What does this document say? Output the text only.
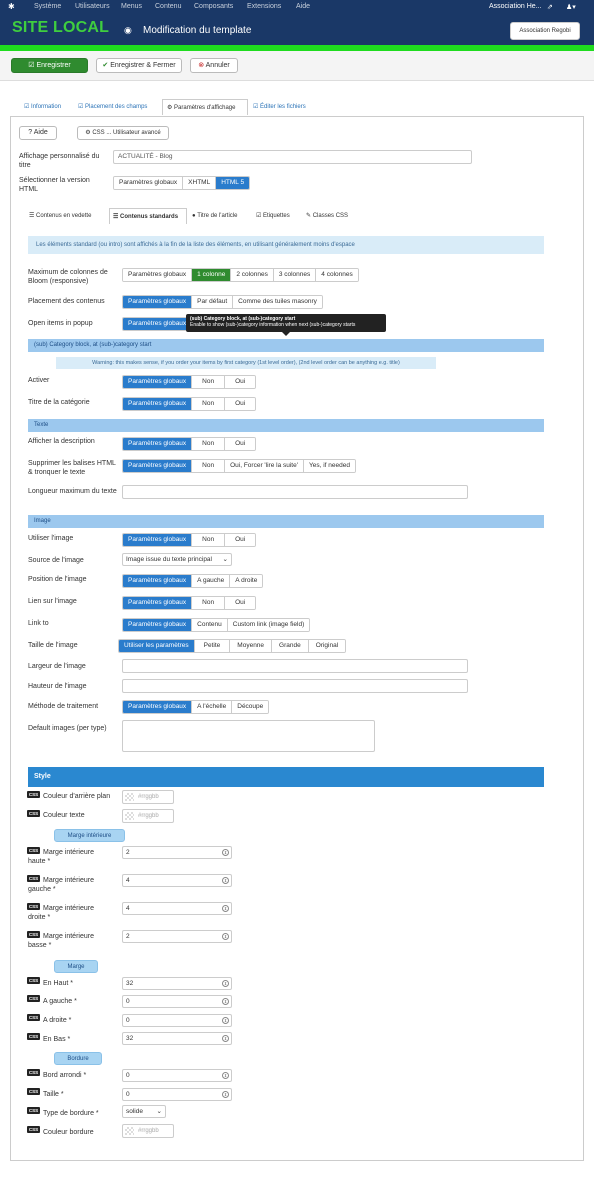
✱	Système Utilisateurs Menus Contenu Composants Extensions Aide	Association He... ⇗ ♟▾
SITE LOCAL ◉ Modification du template	Association Regobi
☑ Enregistrer	✔ Enregistrer & Fermer	⊗ Annuler
☑ Information	☑ Placement des champs	⚙ Paramètres d'affichage	☑ Éditer les fichiers
? Aide	⚙ CSS ... Utilisateur avancé
Affichage personnalisé du titre
ACTUALITÉ - Blog
Sélectionner la version HTML
Paramètres globaux	XHTML	HTML 5
☰ Contenus en vedette	☰ Contenus standards	● Titre de l'article	☑ Etiquettes	✎ Classes CSS
Les éléments standard (ou intro) sont affichés à la fin de la liste des éléments, en utilisant généralement moins d'espace
Maximum de colonnes de Bloom (responsive)
Paramètres globaux	1 colonne	2 colonnes	3 colonnes	4 colonnes
Placement des contenus	Paramètres globaux	Par défaut	Comme des tuiles masonry
Open items in popup	Paramètres globaux
(sub) Category block, at (sub-)category start
(sub) Category block, at (sub-)category start
Enable to show (sub-)category information when next (sub-)category starts
Warning: this makes sense, if you order your items by first category (1st level order), (2nd level order can be anything e.g. title)
Activer	Paramètres globaux	Non	Oui
Titre de la catégorie	Paramètres globaux	Non	Oui
Texte
Afficher la description	Paramètres globaux	Non	Oui
Supprimer les balises HTML & tronquer le texte
Paramètres globaux	Non	Oui, Forcer 'lire la suite'	Yes, if needed
Longueur maximum du texte
Image
Utiliser l'image	Paramètres globaux	Non	Oui
Source de l'image	Image issue du texte principal ⌄
Position de l'image	Paramètres globaux	A gauche	A droite
Lien sur l'image	Paramètres globaux	Non	Oui
Link to	Paramètres globaux	Contenu	Custom link (image field)
Taille de l'image	Utiliser les paramètres	Petite	Moyenne	Grande	Original
Largeur de l'image
Hauteur de l'image
Méthode de traitement	Paramètres globaux	A l'échelle	Découpe
Default images (per type)
Style
CSS Couleur d'arrière plan	#rrggbb
CSS Couleur texte	#rrggbb
Marge intérieure
CSS Marge intérieure haute *
2	⇕
CSS Marge intérieure gauche *
4	⇕
CSS Marge intérieure droite *
4	⇕
CSS Marge intérieure basse *
2	⇕
Marge
CSS En Haut *	32	⇕
CSS A gauche *	0	⇕
CSS A droite *	0	⇕
CSS En Bas *	32	⇕
Bordure
CSS Bord arrondi *	0	⇕
CSS Taille *	0	⇕
CSS Type de bordure *	solide ⌄
CSS Couleur bordure	#rrggbb
